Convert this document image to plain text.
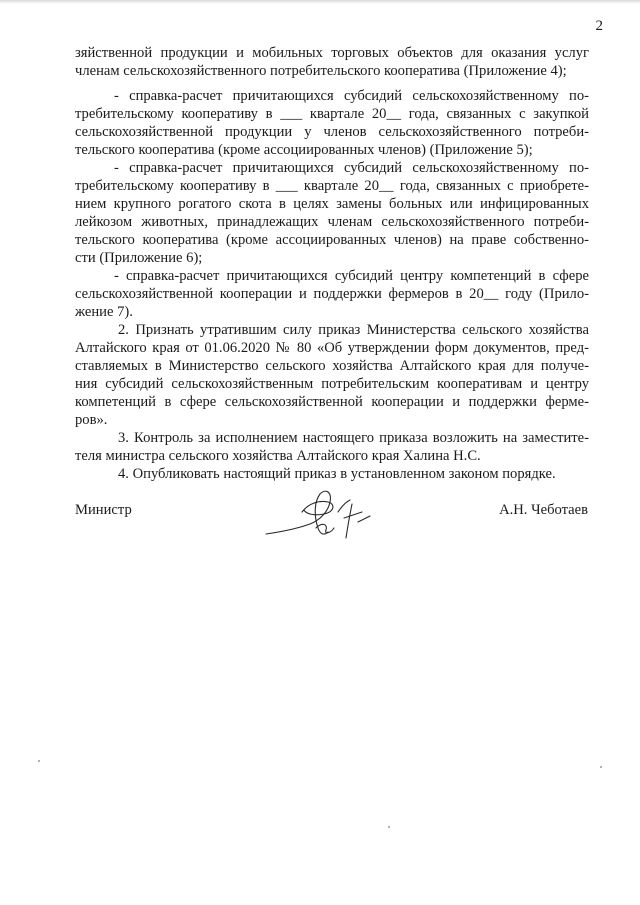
2
зяйственной продукции и мобильных торговых объектов для оказания услуг
членам сельскохозяйственного потребительского кооператива (Приложение 4);
- справка-расчет причитающихся субсидий сельскохозяйственному по-
требительскому кооперативу в ___ квартале 20__ года, связанных с закупкой
сельскохозяйственной продукции у членов сельскохозяйственного потреби-
тельского кооператива (кроме ассоциированных членов) (Приложение 5);
- справка-расчет причитающихся субсидий сельскохозяйственному по-
требительскому кооперативу в ___ квартале 20__ года, связанных с приобрете-
нием крупного рогатого скота в целях замены больных или инфицированных
лейкозом животных, принадлежащих членам сельскохозяйственного потреби-
тельского кооператива (кроме ассоциированных членов) на праве собственно-
сти (Приложение 6);
- справка-расчет причитающихся субсидий центру компетенций в сфере
сельскохозяйственной кооперации и поддержки фермеров в 20__ году (Прило-
жение 7).
2. Признать утратившим силу приказ Министерства сельского хозяйства
Алтайского края от 01.06.2020 № 80 «Об утверждении форм документов, пред-
ставляемых в Министерство сельского хозяйства Алтайского края для получе-
ния субсидий сельскохозяйственным потребительским кооперативам и центру
компетенций в сфере сельскохозяйственной кооперации и поддержки фермe-
ров».
3. Контроль за исполнением настоящего приказа возложить на заместите-
теля министра сельского хозяйства Алтайского края Халина Н.С.
4. Опубликовать настоящий приказ в установленном законом порядке.
Министр	А.Н. Чеботаев
